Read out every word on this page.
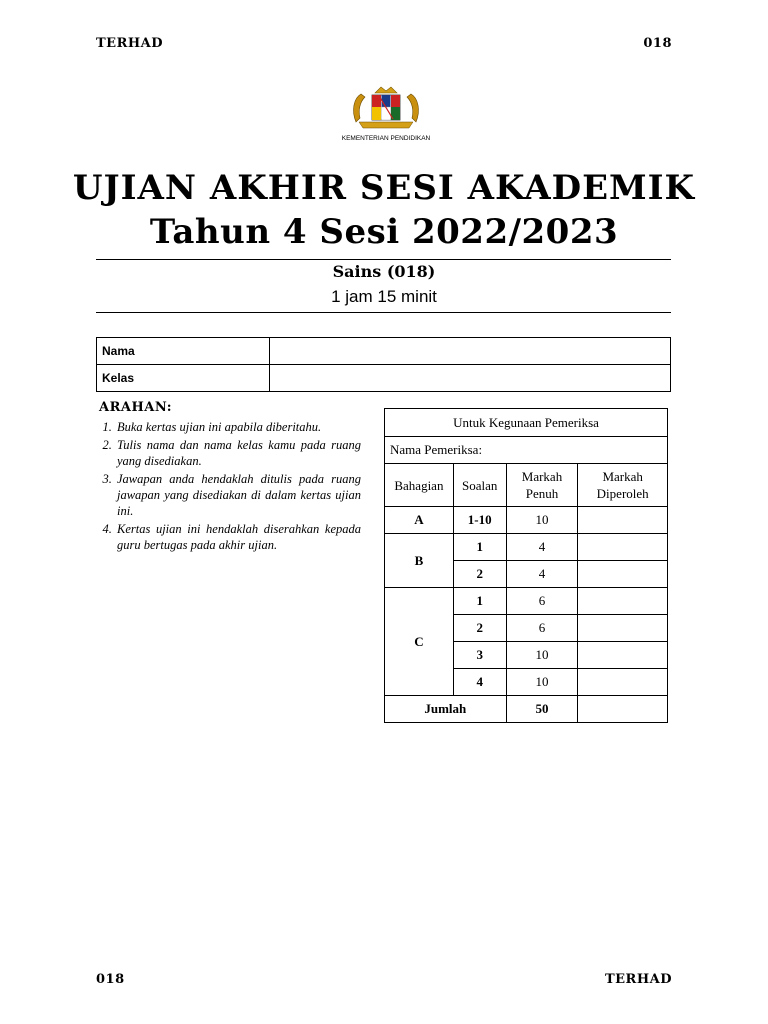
TERHAD	018
KEMENTERIAN PENDIDIKAN
UJIAN AKHIR SESI AKADEMIK
Tahun 4 Sesi 2022/2023
Sains (018)
1 jam 15 minit
Nama	
Kelas	
ARAHAN:
1. Buka kertas ujian ini apabila diberitahu.
2. Tulis nama dan nama kelas kamu pada ruang yang disediakan.
3. Jawapan anda hendaklah ditulis pada ruang jawapan yang disediakan di dalam kertas ujian ini.
4. Kertas ujian ini hendaklah diserahkan kepada guru bertugas pada akhir ujian.
Untuk Kegunaan Pemeriksa			
Nama Pemeriksa:			
Bahagian	Soalan	Markah Penuh	Markah Diperoleh
A	1-10	10	
B	1	4	
	2	4	
C	1	6	
	2	6	
	3	10	
	4	10	
Jumlah		50	
018	TERHAD
